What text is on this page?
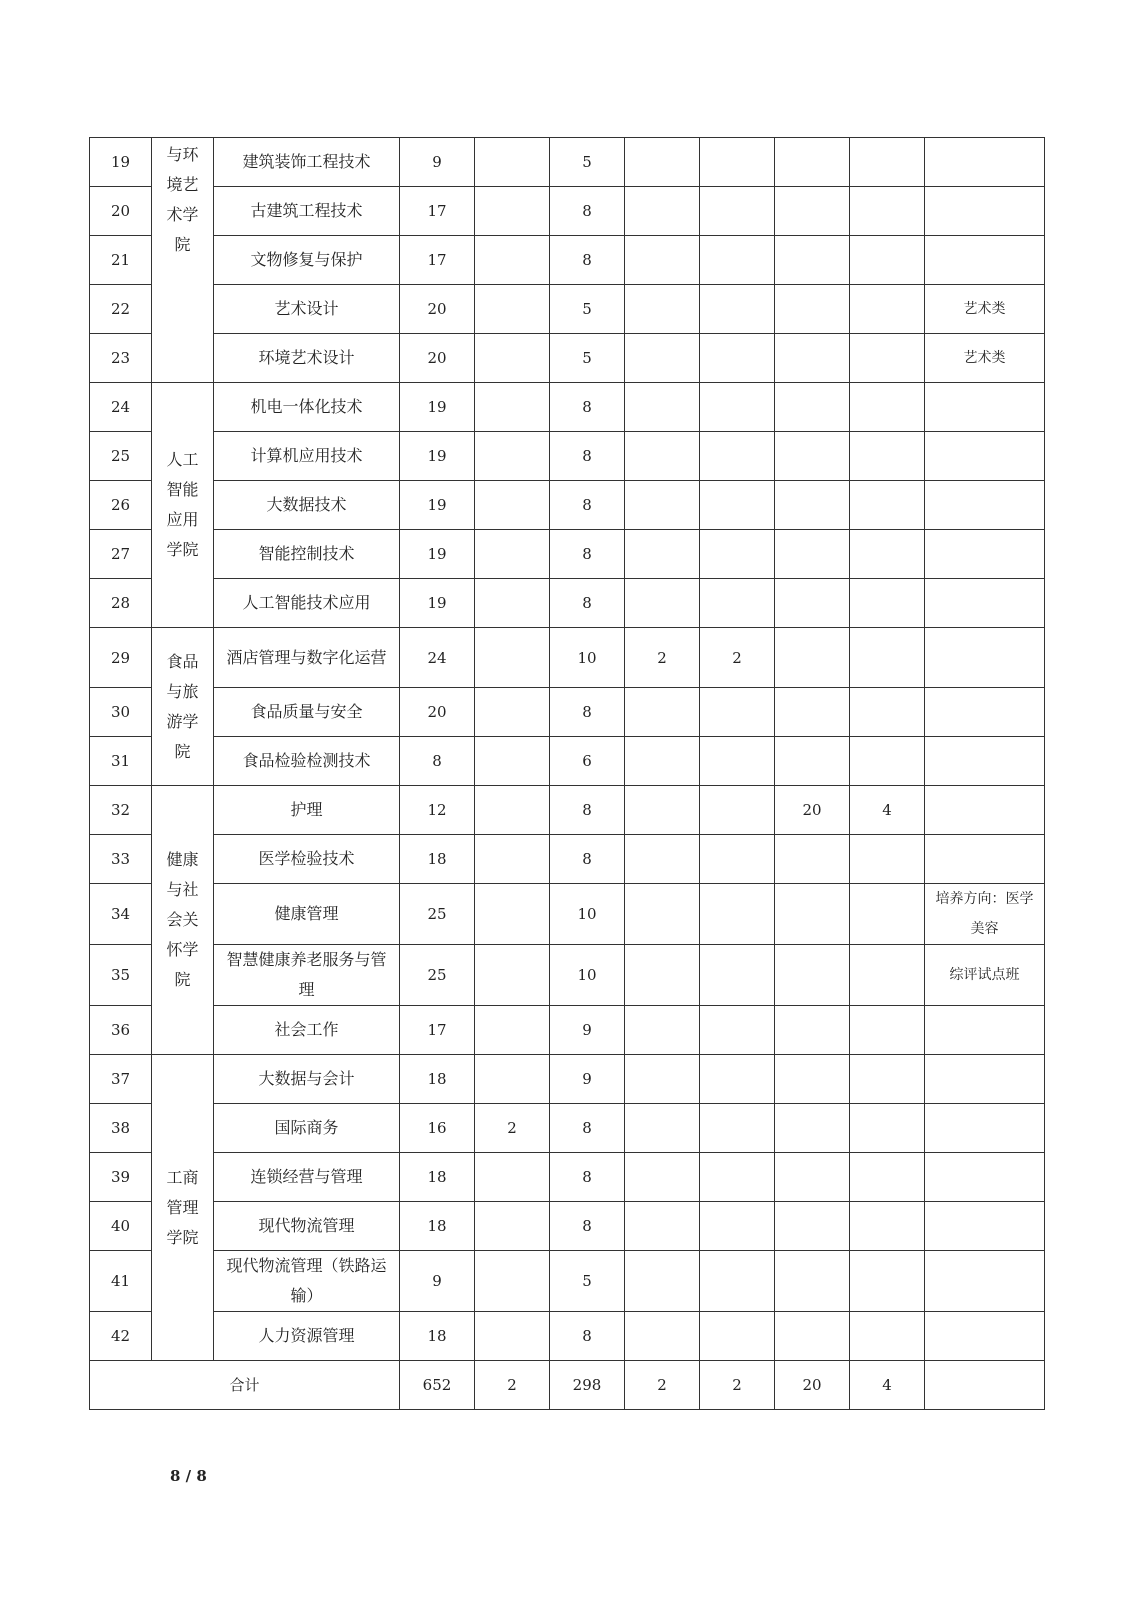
19	与环境艺术学院	建筑装饰工程技术	9		5					
20		古建筑工程技术	17		8					
21		文物修复与保护	17		8					
22		艺术设计	20		5					艺术类
23		环境艺术设计	20		5					艺术类
24	人工智能应用学院	机电一体化技术	19		8					
25		计算机应用技术	19		8					
26		大数据技术	19		8					
27		智能控制技术	19		8					
28		人工智能技术应用	19		8					
29	食品与旅游学院	酒店管理与数字化运营	24		10	2	2			
30		食品质量与安全	20		8					
31		食品检验检测技术	8		6					
32	健康与社会关怀学院	护理	12		8			20	4	
33		医学检验技术	18		8					
34		健康管理	25		10					培养方向：医学美容
35		智慧健康养老服务与管理	25		10					综评试点班
36		社会工作	17		9					
37	工商管理学院	大数据与会计	18		9					
38		国际商务	16	2	8					
39		连锁经营与管理	18		8					
40		现代物流管理	18		8					
41		现代物流管理（铁路运输）	9		5					
42		人力资源管理	18		8					
合计			652	2	298	2	2	20	4	
8 / 8
